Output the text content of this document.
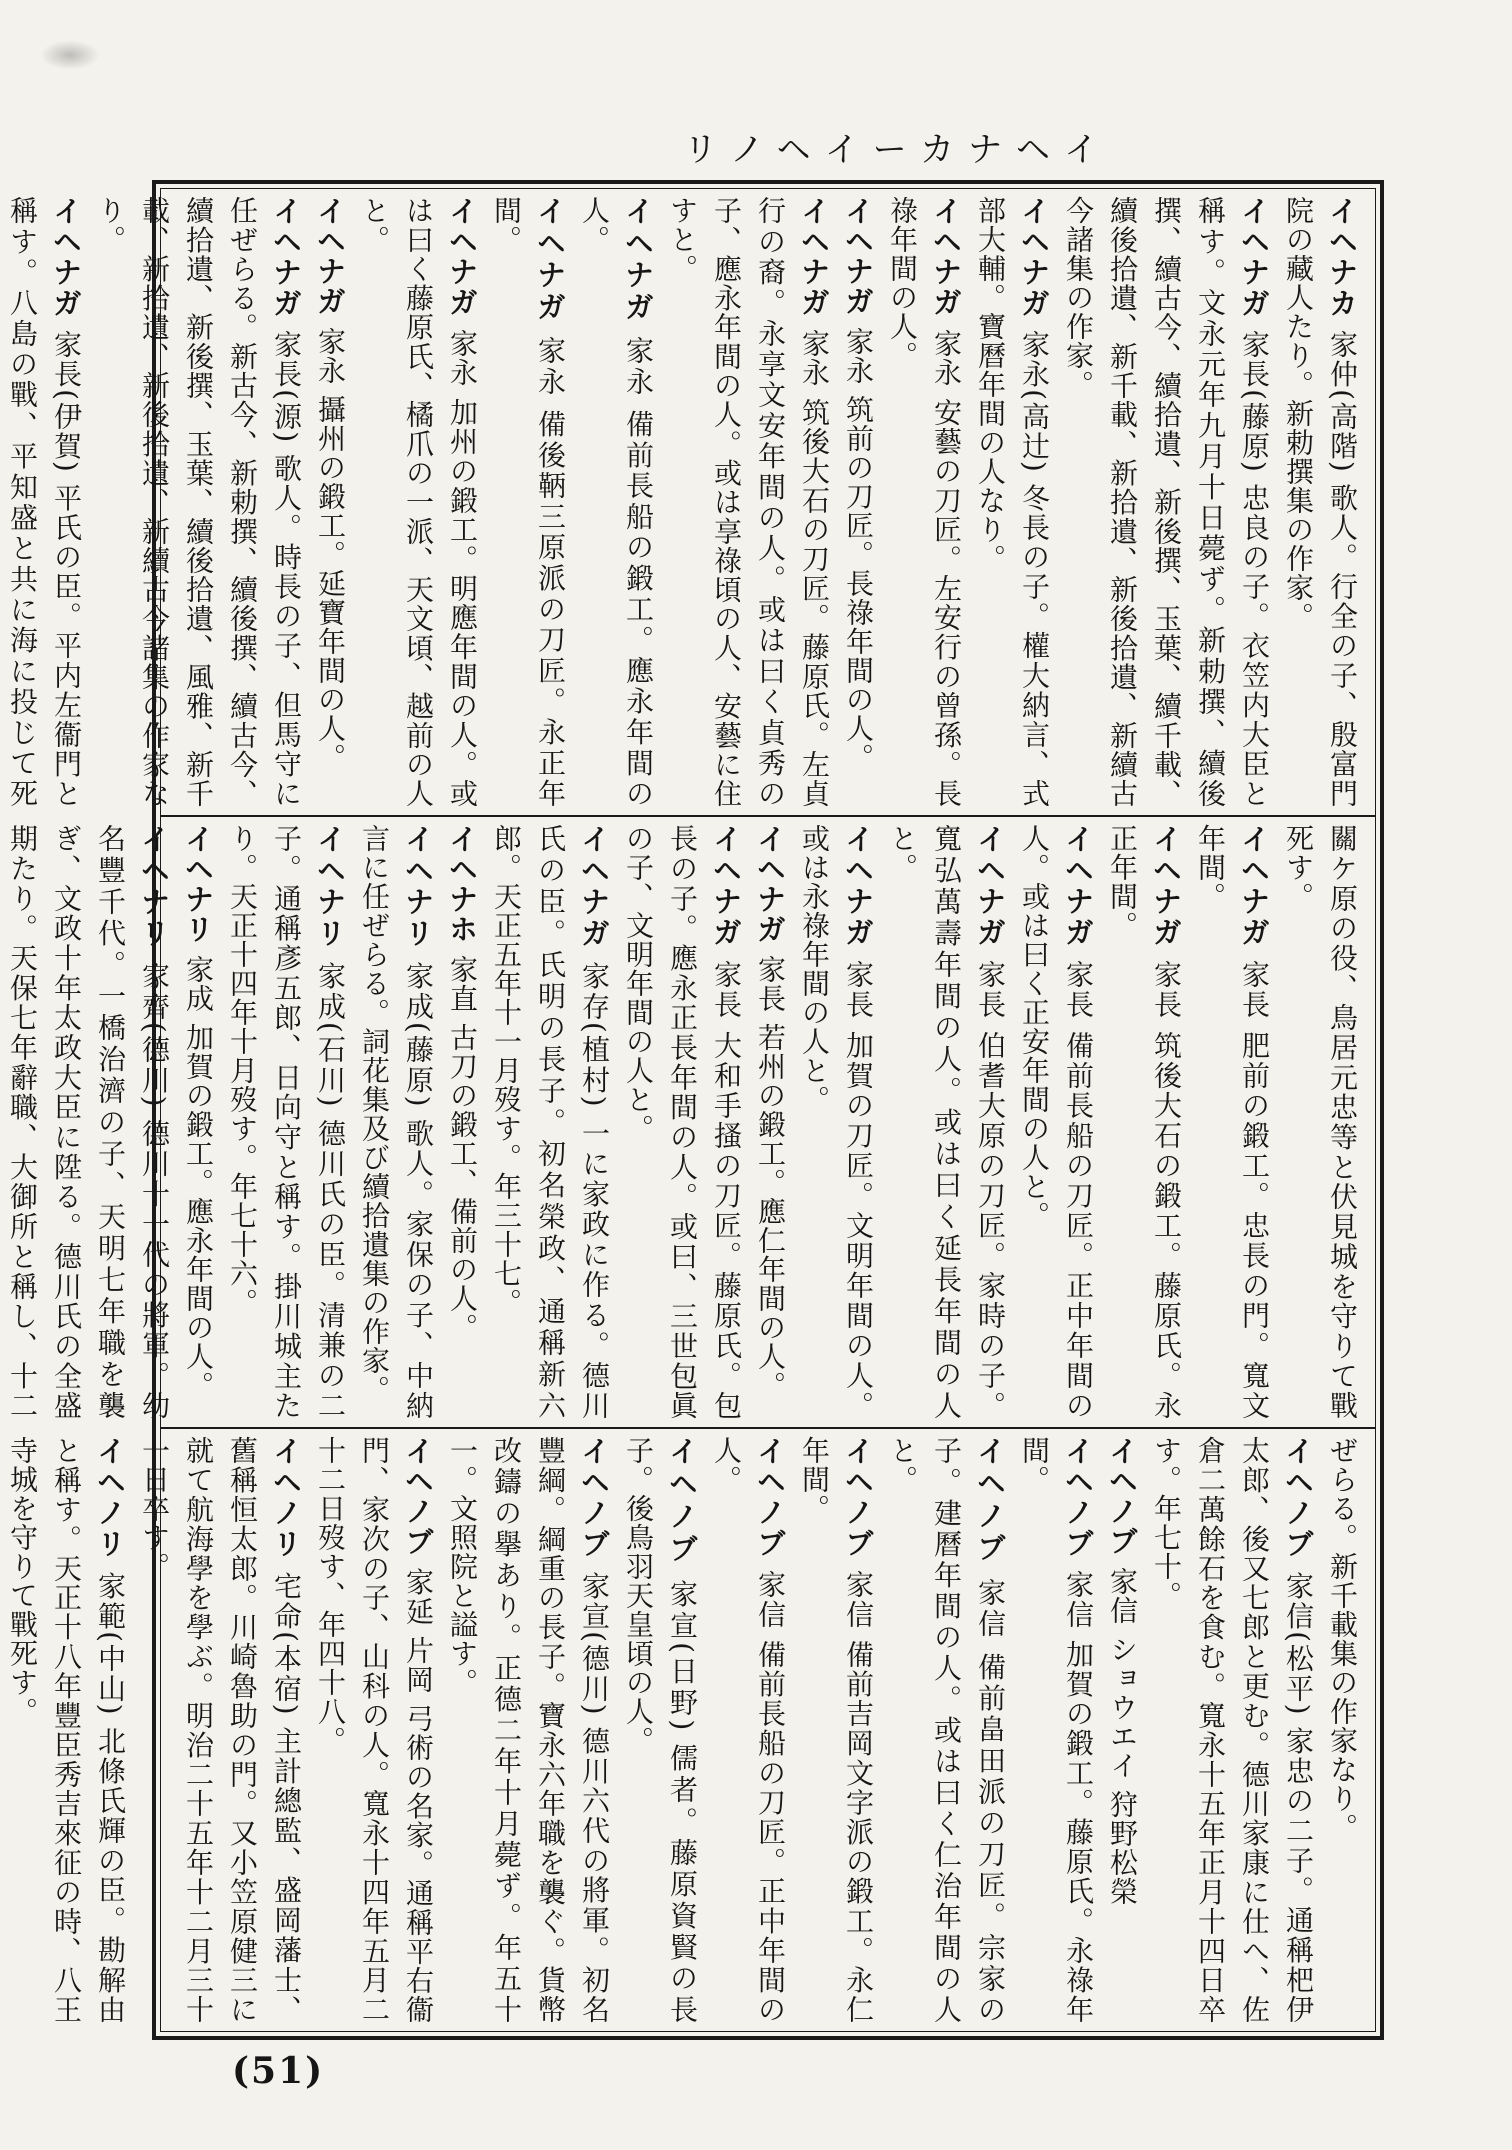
リノヘイーカナヘイ

イヘナカ 家仲(高階) 歌人。行全の子、殷富門院の藏人たり。新勅撰集の作家。

イヘナガ 家長(藤原) 忠良の子。衣笠内大臣と稱す。文永元年九月十日薨ず。新勅撰、續後撰、續古今、續拾遺、新後撰、玉葉、續千載、續後拾遺、新千載、新拾遺、新後拾遺、新續古今諸集の作家。

イヘナガ 家永(高辻) 冬長の子。權大納言、式部大輔。寶曆年間の人なり。

イヘナガ 家永 安藝の刀匠。左安行の曾孫。長祿年間の人。

イヘナガ 家永 筑前の刀匠。長祿年間の人。

イヘナガ 家永 筑後大石の刀匠。藤原氏。左貞行の裔。永享文安年間の人。或は曰く貞秀の子、應永年間の人。或は享祿頃の人、安藝に住すと。

イヘナガ 家永 備前長船の鍛工。應永年間の人。

イヘナガ 家永 備後鞆三原派の刀匠。永正年間。

イヘナガ 家永 加州の鍛工。明應年間の人。或は曰く藤原氏、橘爪の一派、天文頃、越前の人と。

イヘナガ 家永 攝州の鍛工。延寶年間の人。

イヘナガ 家長(源) 歌人。時長の子、但馬守に任ぜらる。新古今、新勅撰、續後撰、續古今、續拾遺、新後撰、玉葉、續後拾遺、風雅、新千載、新拾遺、新後拾遺、新續古今諸集の作家なり。

イヘナガ 家長(伊賀) 平氏の臣。平内左衞門と稱す。八島の戰、平知盛と共に海に投じて死

關ケ原の役、鳥居元忠等と伏見城を守りて戰死す。

イヘナガ 家長 肥前の鍛工。忠長の門。寬文年間。

イヘナガ 家長 筑後大石の鍛工。藤原氏。永正年間。

イヘナガ 家長 備前長船の刀匠。正中年間の人。或は曰く正安年間の人と。

イヘナガ 家長 伯耆大原の刀匠。家時の子。寬弘萬壽年間の人。或は曰く延長年間の人と。

イヘナガ 家長 加賀の刀匠。文明年間の人。或は永祿年間の人と。

イヘナガ 家長 若州の鍛工。應仁年間の人。

イヘナガ 家長 大和手搔の刀匠。藤原氏。包長の子。應永正長年間の人。或曰、三世包眞の子、文明年間の人と。

イヘナガ 家存(植村) 一に家政に作る。德川氏の臣。氏明の長子。初名榮政、通稱新六郎。天正五年十一月歿す。年三十七。

イヘナホ 家直 古刀の鍛工、備前の人。

イヘナリ 家成(藤原) 歌人。家保の子、中納言に任ぜらる。詞花集及び續拾遺集の作家。

イヘナリ 家成(石川) 德川氏の臣。清兼の二子。通稱彥五郎、日向守と稱す。掛川城主たり。天正十四年十月歿す。年七十六。

イヘナリ 家成 加賀の鍛工。應永年間の人。

イヘナリ 家齊(德川) 德川十一代の將軍。幼名豐千代。一橋治濟の子、天明七年職を襲ぎ、文政十年太政大臣に陞る。德川氏の全盛期たり。天保七年辭職、大御所と稱し、十二

ぜらる。新千載集の作家なり。

イヘノブ 家信(松平) 家忠の二子。通稱杷伊太郎、後又七郎と更む。德川家康に仕へ、佐倉二萬餘石を食む。寬永十五年正月十四日卒す。年七十。

イヘノブ 家信 ショウエイ 狩野松榮

イヘノブ 家信 加賀の鍛工。藤原氏。永祿年間。

イヘノブ 家信 備前畠田派の刀匠。宗家の子。建曆年間の人。或は曰く仁治年間の人と。

イヘノブ 家信 備前吉岡文字派の鍛工。永仁年間。

イヘノブ 家信 備前長船の刀匠。正中年間の人。

イヘノブ 家宣(日野) 儒者。藤原資賢の長子。後鳥羽天皇頃の人。

イヘノブ 家宣(德川) 德川六代の將軍。初名豐綱。綱重の長子。寶永六年職を襲ぐ。貨幣改鑄の擧あり。正德二年十月薨ず。年五十一。文照院と謚す。

イヘノブ 家延 片岡 弓術の名家。通稱平右衞門、家次の子、山科の人。寬永十四年五月二十二日歿す、年四十八。

イヘノリ 宅命(本宿) 主計總監、盛岡藩士、舊稱恒太郎。川崎魯助の門。又小笠原健三に就て航海學を學ぶ。明治二十五年十二月三十一日卒す。

イヘノリ 家範(中山) 北條氏輝の臣。勘解由と稱す。天正十八年豐臣秀吉來征の時、八王寺城を守りて戰死す。

(51)
